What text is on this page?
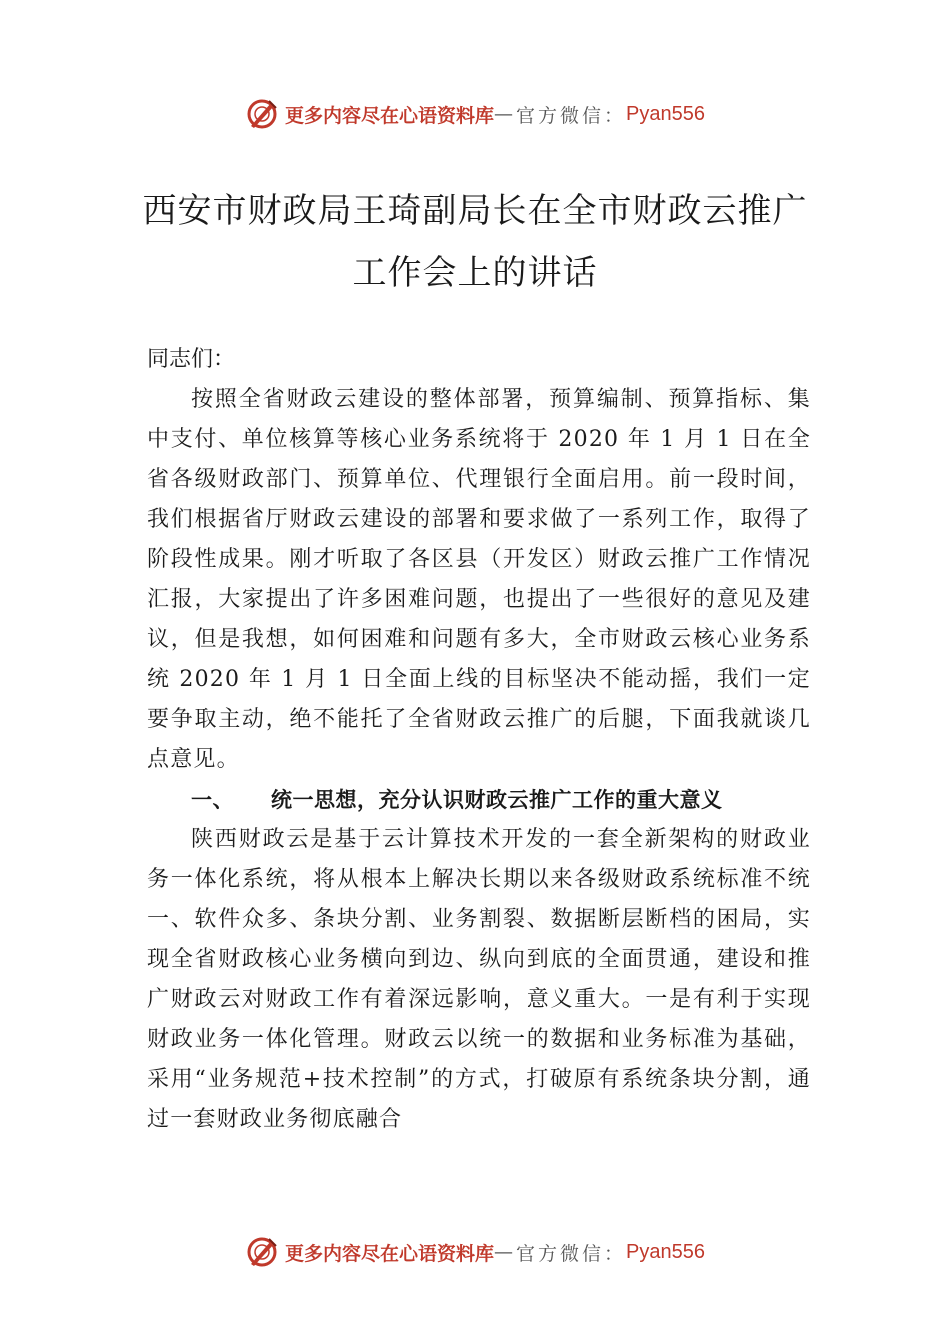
更多内容尽在心语资料库 — 官方微信： Pyan556
西安市财政局王琦副局长在全市财政云推广工作会上的讲话

同志们：

按照全省财政云建设的整体部署，预算编制、预算指标、集中支付、单位核算等核心业务系统将于 2020 年 1 月 1 日在全省各级财政部门、预算单位、代理银行全面启用。前一段时间，我们根据省厅财政云建设的部署和要求做了一系列工作，取得了阶段性成果。刚才听取了各区县（开发区）财政云推广工作情况汇报，大家提出了许多困难问题，也提出了一些很好的意见及建议，但是我想，如何困难和问题有多大，全市财政云核心业务系统 2020 年 1 月 1 日全面上线的目标坚决不能动摇，我们一定要争取主动，绝不能托了全省财政云推广的后腿，下面我就谈几点意见。

一、 统一思想，充分认识财政云推广工作的重大意义

陕西财政云是基于云计算技术开发的一套全新架构的财政业务一体化系统，将从根本上解决长期以来各级财政系统标准不统一、软件众多、条块分割、业务割裂、数据断层断档的困局，实现全省财政核心业务横向到边、纵向到底的全面贯通，建设和推广财政云对财政工作有着深远影响，意义重大。一是有利于实现财政业务一体化管理。财政云以统一的数据和业务标准为基础，采用“业务规范+技术控制”的方式，打破原有系统条块分割，通过一套财政业务彻底融合

更多内容尽在心语资料库 — 官方微信： Pyan556
